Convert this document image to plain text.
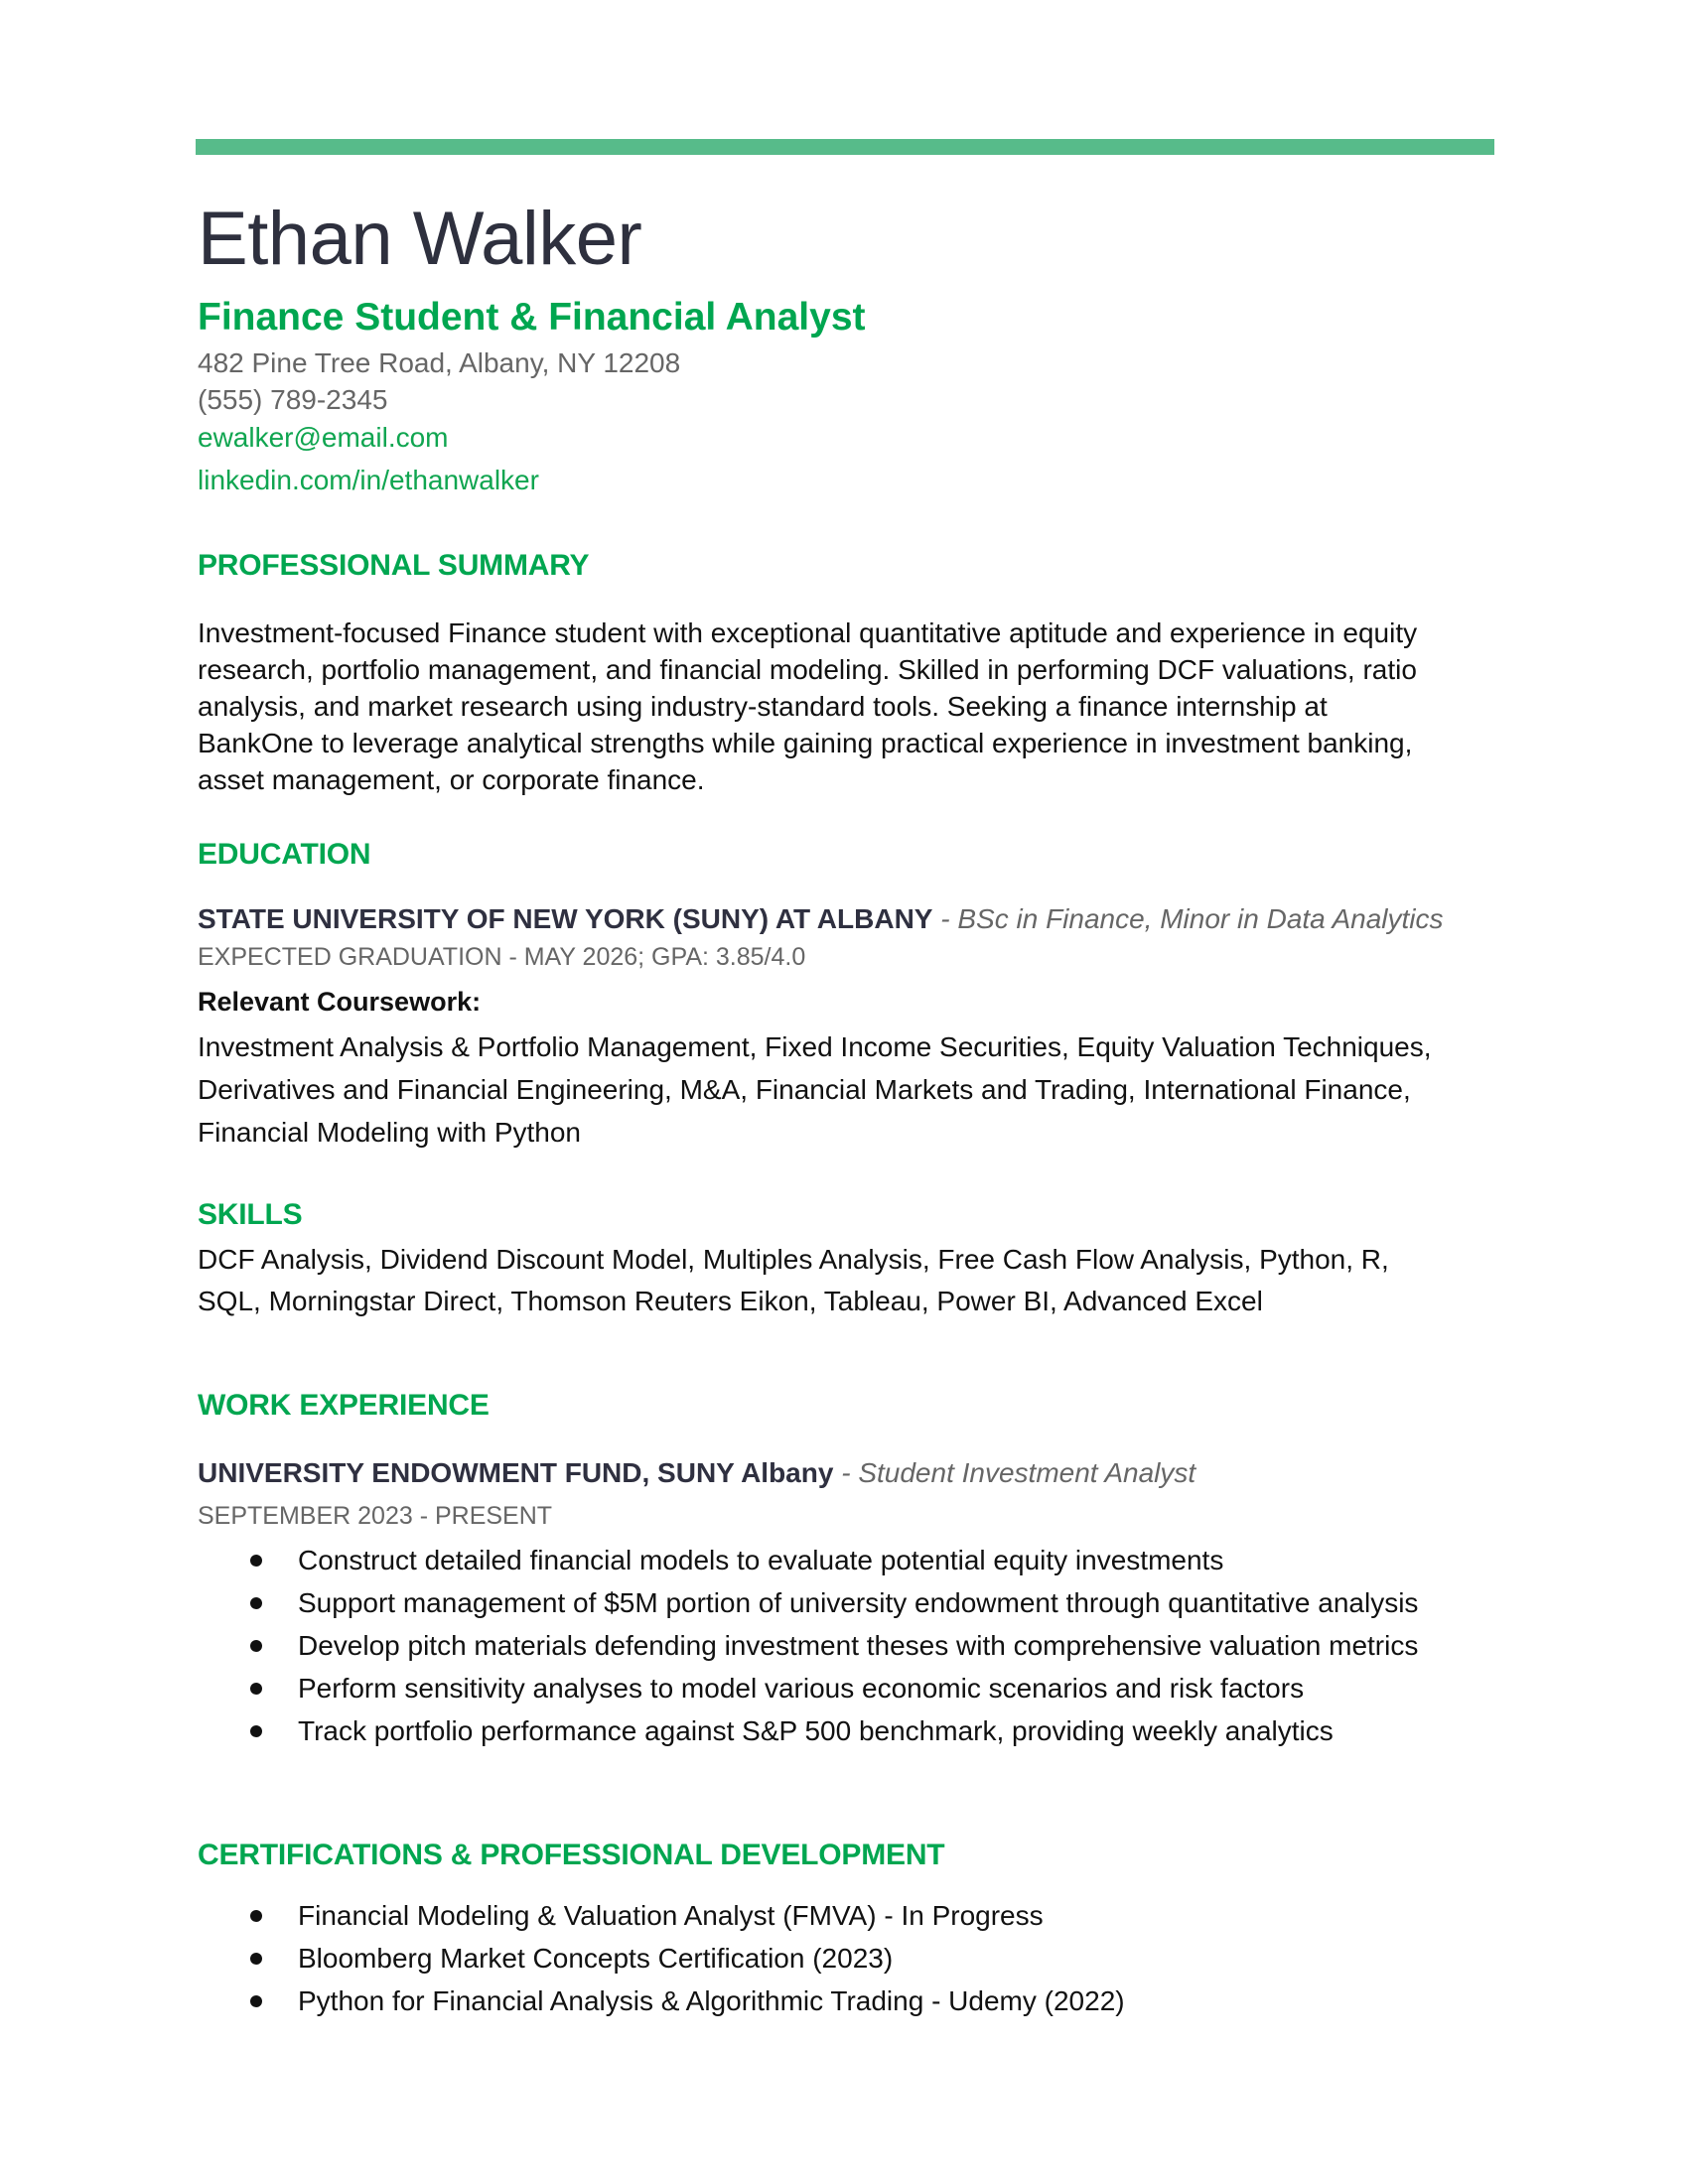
Ethan Walker
Finance Student & Financial Analyst
482 Pine Tree Road, Albany, NY 12208
(555) 789-2345
ewalker@email.com
linkedin.com/in/ethanwalker
PROFESSIONAL SUMMARY

Investment-focused Finance student with exceptional quantitative aptitude and experience in equity

research, portfolio management, and financial modeling. Skilled in performing DCF valuations, ratio

analysis, and market research using industry-standard tools. Seeking a finance internship at

BankOne to leverage analytical strengths while gaining practical experience in investment banking,

asset management, or corporate finance.

EDUCATION
STATE UNIVERSITY OF NEW YORK (SUNY) AT ALBANY - BSc in Finance, Minor in Data Analytics
EXPECTED GRADUATION - MAY 2026; GPA: 3.85/4.0
Relevant Coursework:
Investment Analysis & Portfolio Management, Fixed Income Securities, Equity Valuation Techniques,
Derivatives and Financial Engineering, M&A, Financial Markets and Trading, International Finance,
Financial Modeling with Python
SKILLS
DCF Analysis, Dividend Discount Model, Multiples Analysis, Free Cash Flow Analysis, Python, R,
SQL, Morningstar Direct, Thomson Reuters Eikon, Tableau, Power BI, Advanced Excel
WORK EXPERIENCE
UNIVERSITY ENDOWMENT FUND, SUNY Albany - Student Investment Analyst
SEPTEMBER 2023 - PRESENT
Construct detailed financial models to evaluate potential equity investments
Support management of $5M portion of university endowment through quantitative analysis
Develop pitch materials defending investment theses with comprehensive valuation metrics
Perform sensitivity analyses to model various economic scenarios and risk factors
Track portfolio performance against S&P 500 benchmark, providing weekly analytics
CERTIFICATIONS & PROFESSIONAL DEVELOPMENT
Financial Modeling & Valuation Analyst (FMVA) - In Progress
Bloomberg Market Concepts Certification (2023)
Python for Financial Analysis & Algorithmic Trading - Udemy (2022)
